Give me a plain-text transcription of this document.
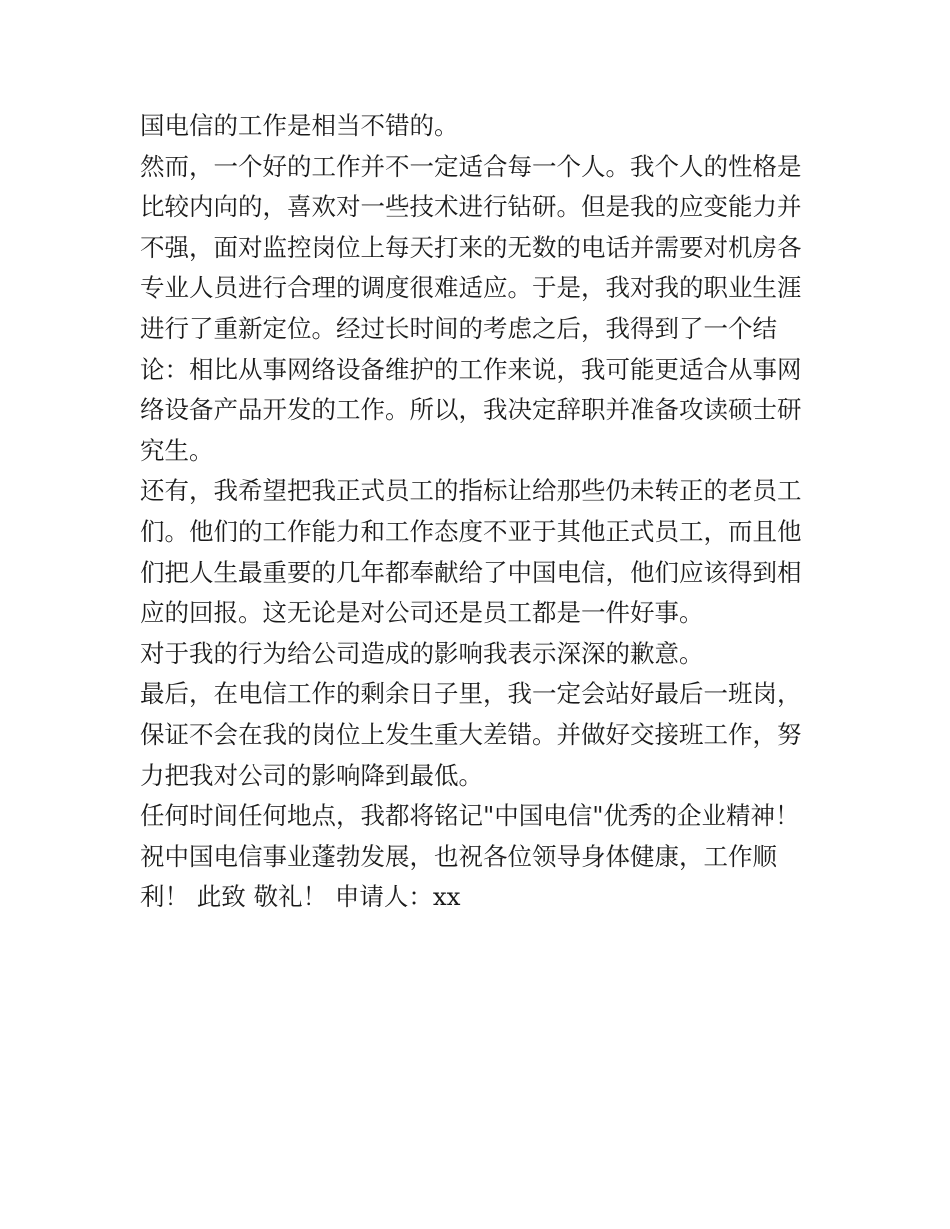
国电信的工作是相当不错的。
然而，一个好的工作并不一定适合每一个人。我个人的性格是
比较内向的，喜欢对一些技术进行钻研。但是我的应变能力并
不强，面对监控岗位上每天打来的无数的电话并需要对机房各
专业人员进行合理的调度很难适应。于是，我对我的职业生涯
进行了重新定位。经过长时间的考虑之后，我得到了一个结
论：相比从事网络设备维护的工作来说，我可能更适合从事网
络设备产品开发的工作。所以，我决定辞职并准备攻读硕士研
究生。
还有，我希望把我正式员工的指标让给那些仍未转正的老员工
们。他们的工作能力和工作态度不亚于其他正式员工，而且他
们把人生最重要的几年都奉献给了中国电信，他们应该得到相
应的回报。这无论是对公司还是员工都是一件好事。
对于我的行为给公司造成的影响我表示深深的歉意。
最后，在电信工作的剩余日子里，我一定会站好最后一班岗，
保证不会在我的岗位上发生重大差错。并做好交接班工作，努
力把我对公司的影响降到最低。
任何时间任何地点，我都将铭记"中国电信"优秀的企业精神！
祝中国电信事业蓬勃发展，也祝各位领导身体健康，工作顺
利！ 此致 敬礼！ 申请人：xx
